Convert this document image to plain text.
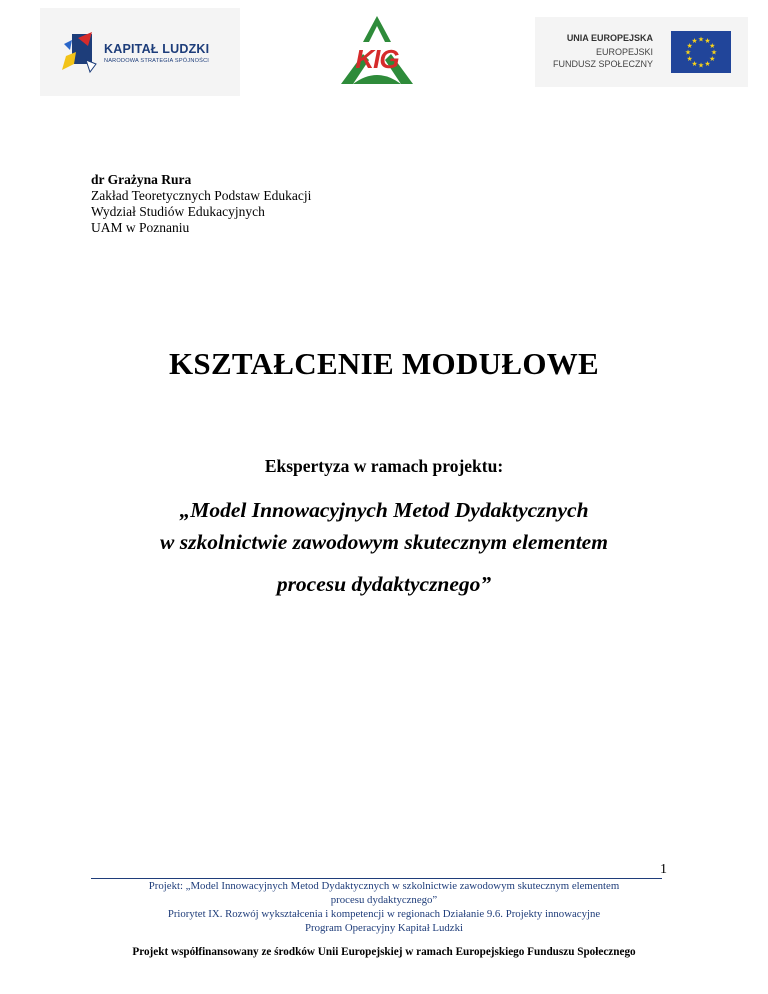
KAPITAŁ LUDZKI
NARODOWA STRATEGIA SPÓJNOŚCI	KIG
UNIA EUROPEJSKA
EUROPEJSKI
FUNDUSZ SPOŁECZNY
★ ★
★
★
★
★
★
★
★
★
★
★
dr Grażyna Rura
Zakład Teoretycznych Podstaw Edukacji
Wydział Studiów Edukacyjnych
UAM w Poznaniu
KSZTAŁCENIE MODUŁOWE
Ekspertyza w ramach projektu:
„Model Innowacyjnych Metod Dydaktycznych
w szkolnictwie zawodowym skutecznym elementem
procesu dydaktycznego”
1
Projekt: „Model Innowacyjnych Metod Dydaktycznych w szkolnictwie zawodowym skutecznym elementem
procesu dydaktycznego”
Priorytet IX. Rozwój wykształcenia i kompetencji w regionach Działanie 9.6. Projekty innowacyjne
Program Operacyjny Kapitał Ludzki
Projekt współfinansowany ze środków Unii Europejskiej w ramach Europejskiego Funduszu Społecznego
